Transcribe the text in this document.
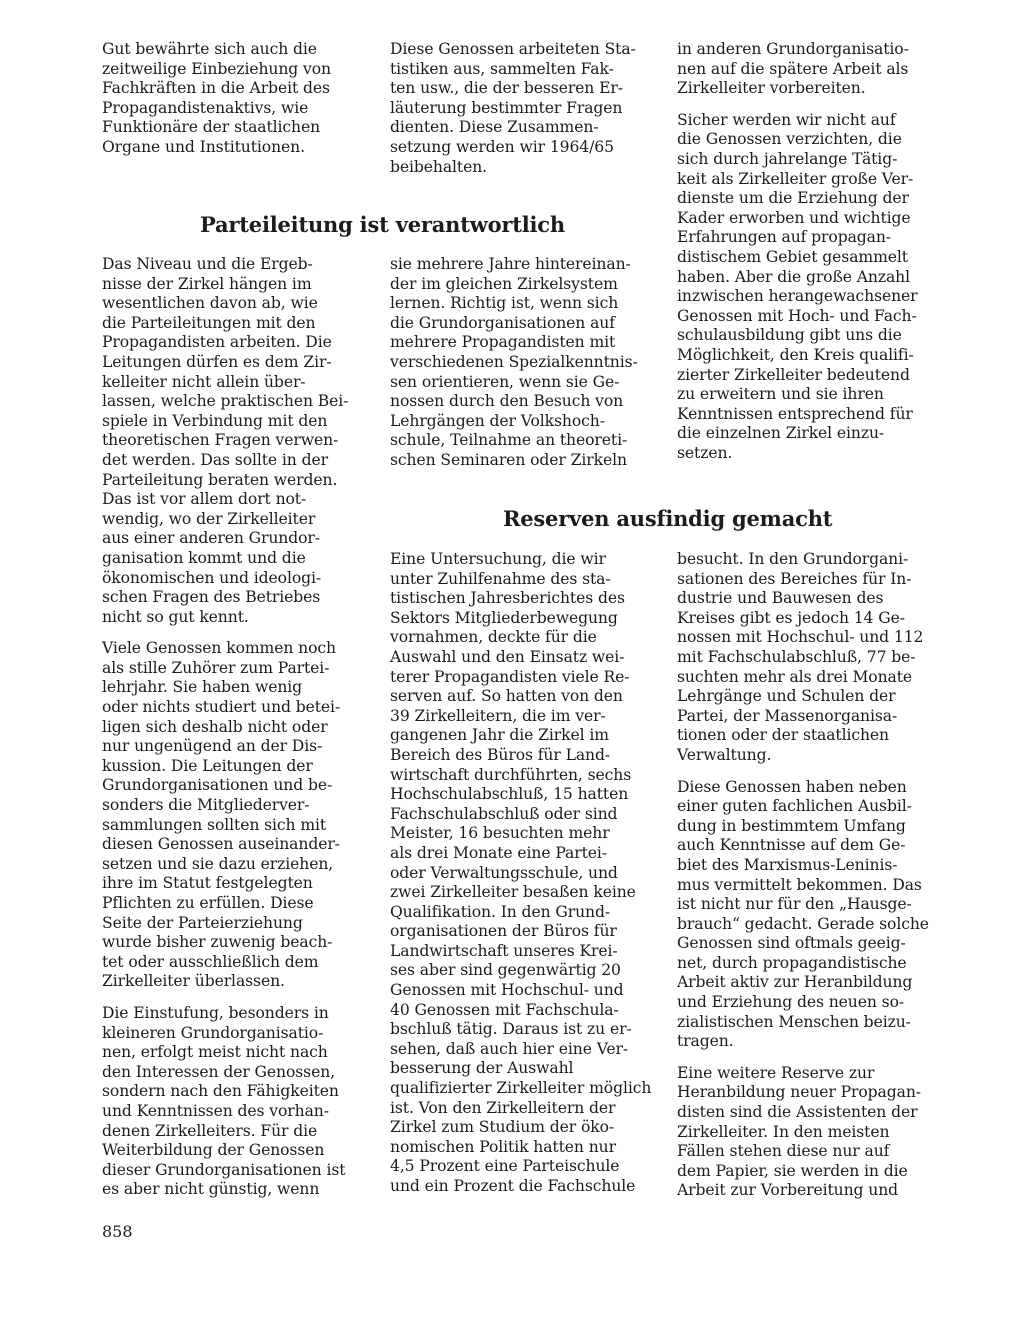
Gut bewährte sich auch die
zeitweilige Einbeziehung von
Fachkräften in die Arbeit des
Propagandistenaktivs, wie
Funktionäre der staatlichen
Organe und Institutionen.

Diese Genossen arbeiteten Sta-
tistiken aus, sammelten Fak-
ten usw., die der besseren Er-
läuterung bestimmter Fragen
dienten. Diese Zusammen-
setzung werden wir 1964/65
beibehalten.

in anderen Grundorganisatio-
nen auf die spätere Arbeit als
Zirkelleiter vorbereiten.

Sicher werden wir nicht auf
die Genossen verzichten, die
sich durch jahrelange Tätig-
keit als Zirkelleiter große Ver-
dienste um die Erziehung der
Kader erworben und wichtige
Erfahrungen auf propagan-
distischem Gebiet gesammelt
haben. Aber die große Anzahl
inzwischen herangewachsener
Genossen mit Hoch- und Fach-
schulausbildung gibt uns die
Möglichkeit, den Kreis qualifi-
zierter Zirkelleiter bedeutend
zu erweitern und sie ihren
Kenntnissen entsprechend für
die einzelnen Zirkel einzu-
setzen.

Parteileitung ist verantwortlich

Das Niveau und die Ergeb-
nisse der Zirkel hängen im
wesentlichen davon ab, wie
die Parteileitungen mit den
Propagandisten arbeiten. Die
Leitungen dürfen es dem Zir-
kelleiter nicht allein über-
lassen, welche praktischen Bei-
spiele in Verbindung mit den
theoretischen Fragen verwen-
det werden. Das sollte in der
Parteileitung beraten werden.
Das ist vor allem dort not-
wendig, wo der Zirkelleiter
aus einer anderen Grundor-
ganisation kommt und die
ökonomischen und ideologi-
schen Fragen des Betriebes
nicht so gut kennt.

Viele Genossen kommen noch
als stille Zuhörer zum Partei-
lehrjahr. Sie haben wenig
oder nichts studiert und betei-
ligen sich deshalb nicht oder
nur ungenügend an der Dis-
kussion. Die Leitungen der
Grundorganisationen und be-
sonders die Mitgliederver-
sammlungen sollten sich mit
diesen Genossen auseinander-
setzen und sie dazu erziehen,
ihre im Statut festgelegten
Pflichten zu erfüllen. Diese
Seite der Parteierziehung
wurde bisher zuwenig beach-
tet oder ausschließlich dem
Zirkelleiter überlassen.

Die Einstufung, besonders in
kleineren Grundorganisatio-
nen, erfolgt meist nicht nach
den Interessen der Genossen,
sondern nach den Fähigkeiten
und Kenntnissen des vorhan-
denen Zirkelleiters. Für die
Weiterbildung der Genossen
dieser Grundorganisationen ist
es aber nicht günstig, wenn

sie mehrere Jahre hintereinan-
der im gleichen Zirkelsystem
lernen. Richtig ist, wenn sich
die Grundorganisationen auf
mehrere Propagandisten mit
verschiedenen Spezialkenntnis-
sen orientieren, wenn sie Ge-
nossen durch den Besuch von
Lehrgängen der Volkshoch-
schule, Teilnahme an theoreti-
schen Seminaren oder Zirkeln

Reserven ausfindig gemacht

Eine Untersuchung, die wir
unter Zuhilfenahme des sta-
tistischen Jahresberichtes des
Sektors Mitgliederbewegung
vornahmen, deckte für die
Auswahl und den Einsatz wei-
terer Propagandisten viele Re-
serven auf. So hatten von den
39 Zirkelleitern, die im ver-
gangenen Jahr die Zirkel im
Bereich des Büros für Land-
wirtschaft durchführten, sechs
Hochschulabschluß, 15 hatten
Fachschulabschluß oder sind
Meister, 16 besuchten mehr
als drei Monate eine Partei-
oder Verwaltungsschule, und
zwei Zirkelleiter besaßen keine
Qualifikation. In den Grund-
organisationen der Büros für
Landwirtschaft unseres Krei-
ses aber sind gegenwärtig 20
Genossen mit Hochschul- und
40 Genossen mit Fachschula-
bschluß tätig. Daraus ist zu er-
sehen, daß auch hier eine Ver-
besserung der Auswahl
qualifizierter Zirkelleiter möglich
ist. Von den Zirkelleitern der
Zirkel zum Studium der öko-
nomischen Politik hatten nur
4,5 Prozent eine Parteischule
und ein Prozent die Fachschule

besucht. In den Grundorgani-
sationen des Bereiches für In-
dustrie und Bauwesen des
Kreises gibt es jedoch 14 Ge-
nossen mit Hochschul- und 112
mit Fachschulabschluß, 77 be-
suchten mehr als drei Monate
Lehrgänge und Schulen der
Partei, der Massenorganisa-
tionen oder der staatlichen
Verwaltung.

Diese Genossen haben neben
einer guten fachlichen Ausbil-
dung in bestimmtem Umfang
auch Kenntnisse auf dem Ge-
biet des Marxismus-Leninis-
mus vermittelt bekommen. Das
ist nicht nur für den „Hausge-
brauch“ gedacht. Gerade solche
Genossen sind oftmals geeig-
net, durch propagandistische
Arbeit aktiv zur Heranbildung
und Erziehung des neuen so-
zialistischen Menschen beizu-
tragen.

Eine weitere Reserve zur
Heranbildung neuer Propagan-
disten sind die Assistenten der
Zirkelleiter. In den meisten
Fällen stehen diese nur auf
dem Papier, sie werden in die
Arbeit zur Vorbereitung und

858
